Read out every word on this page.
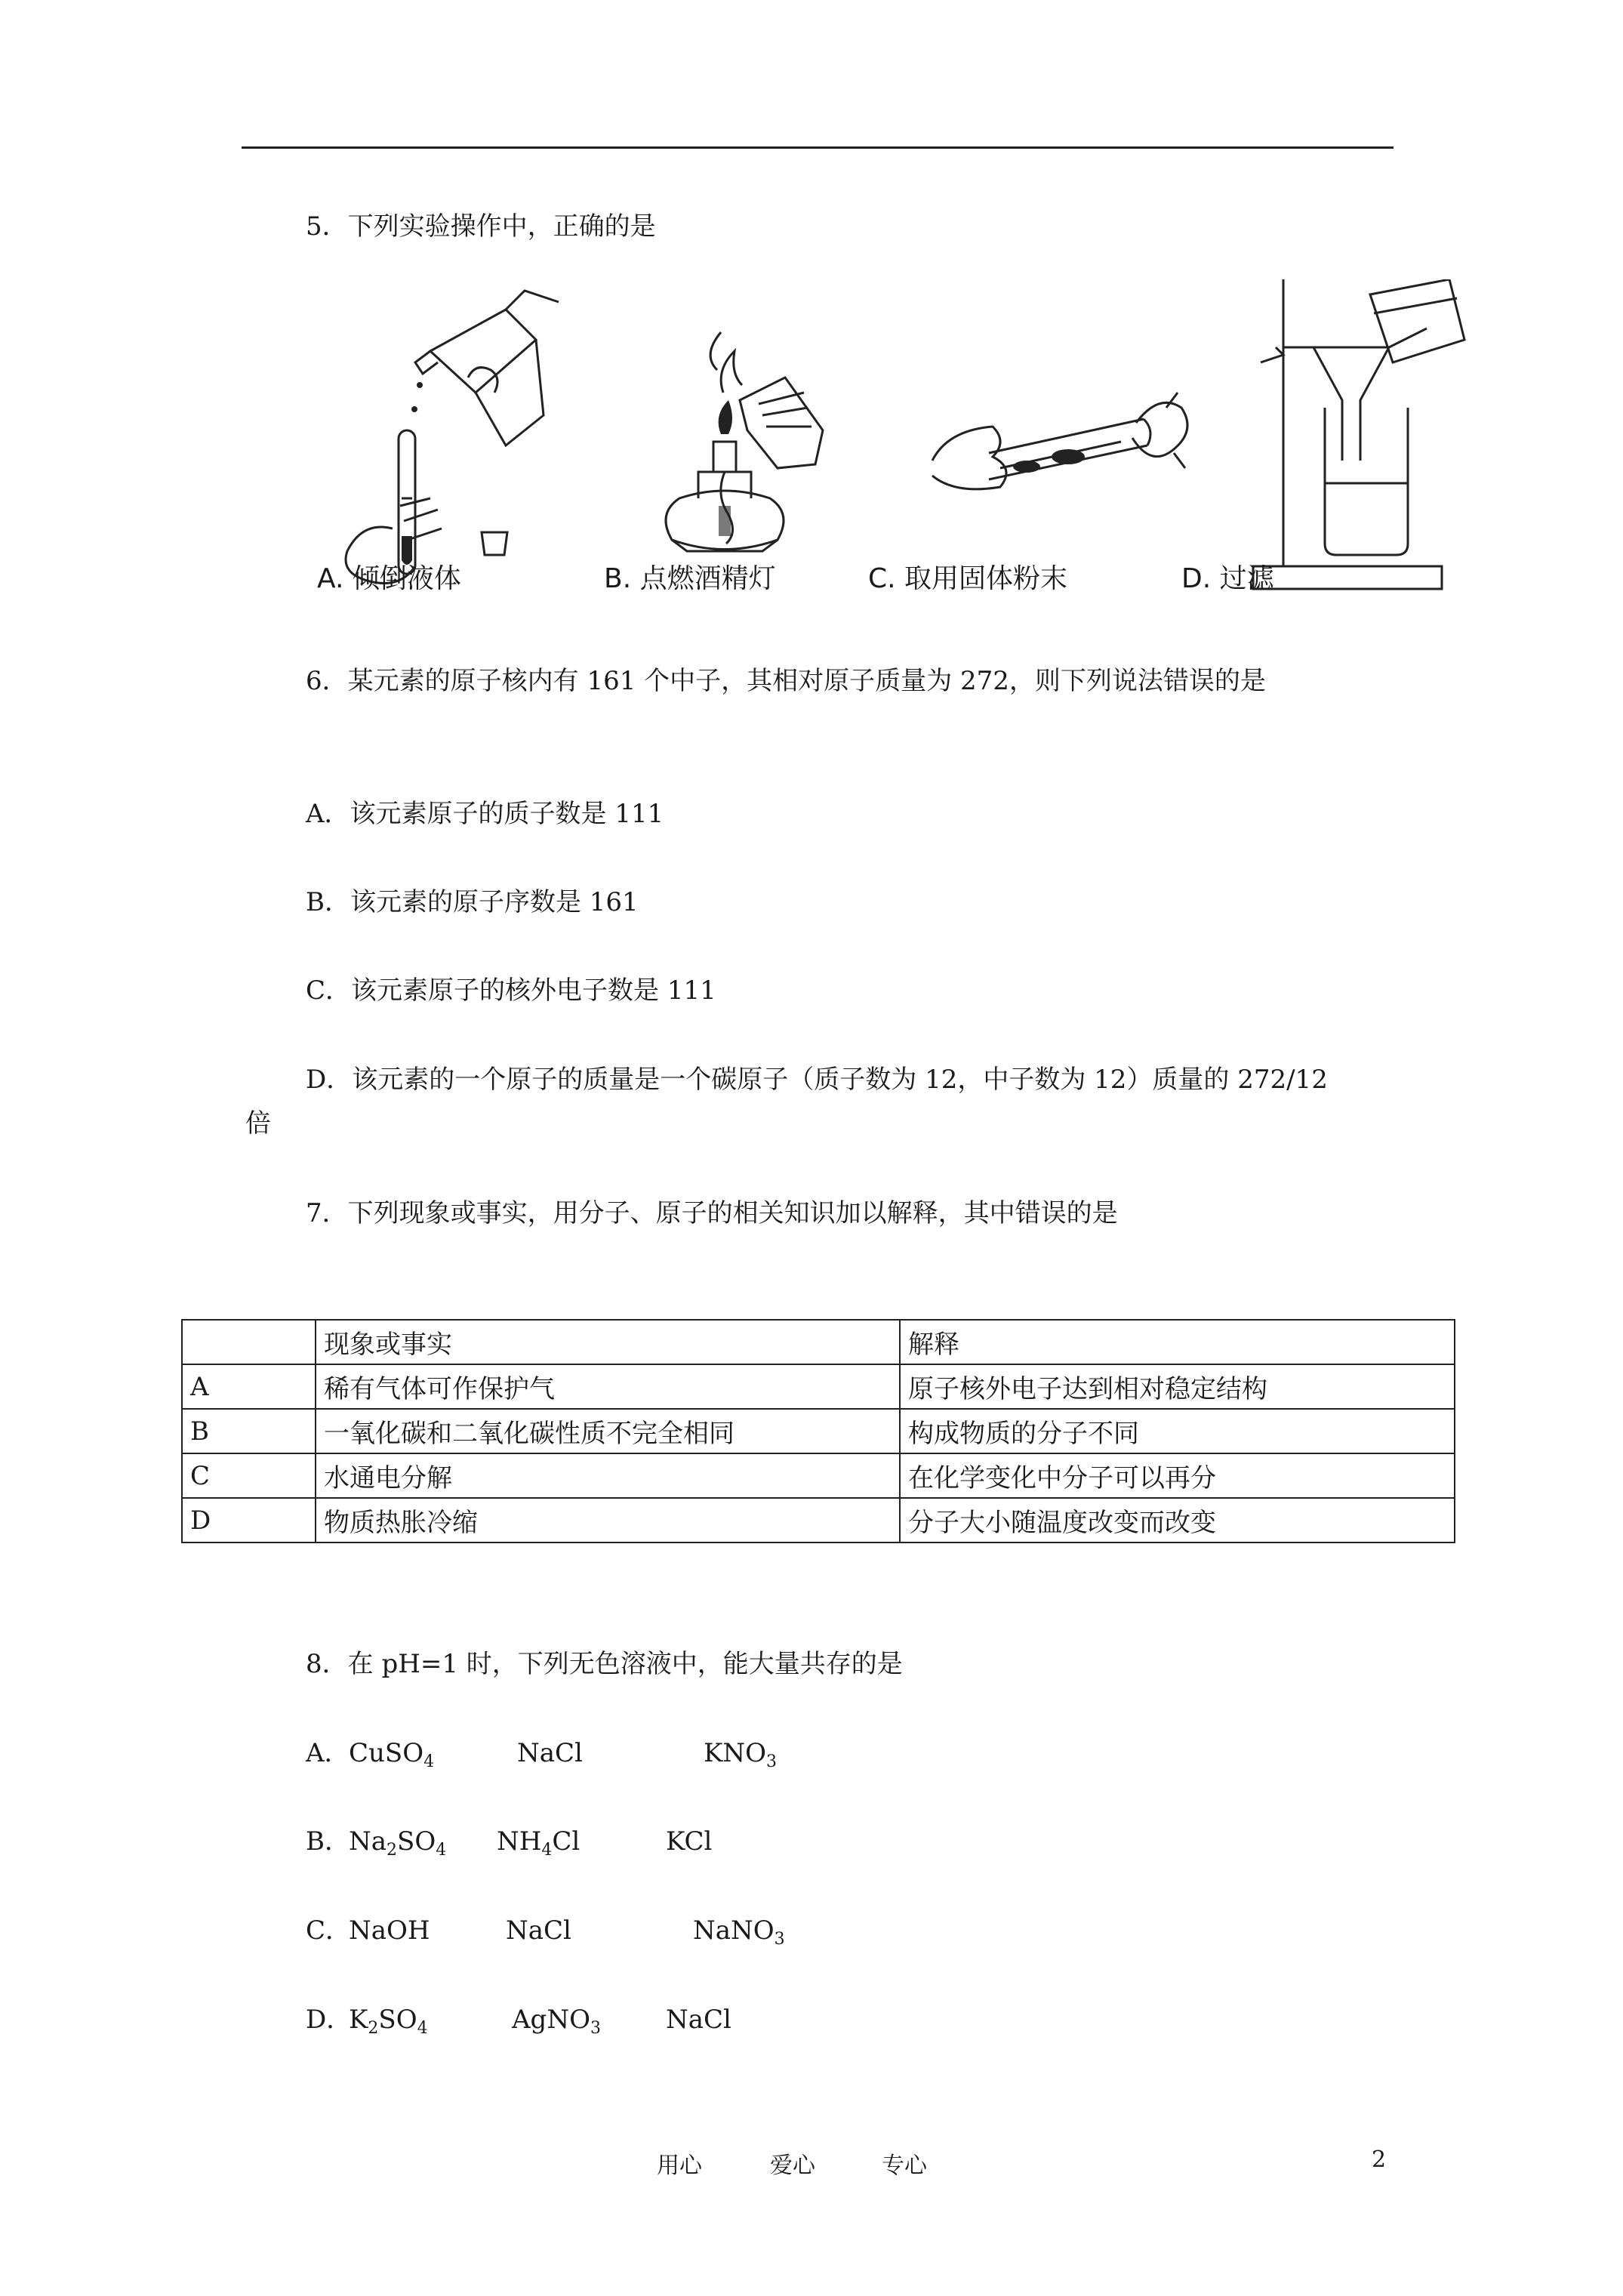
5．下列实验操作中，正确的是
A. 倾倒液体	B. 点燃酒精灯	C. 取用固体粉末	D. 过滤
6．某元素的原子核内有 161 个中子，其相对原子质量为 272，则下列说法错误的是
A．该元素原子的质子数是 111
B．该元素的原子序数是 161
C．该元素原子的核外电子数是 111
D．该元素的一个原子的质量是一个碳原子（质子数为 12，中子数为 12）质量的 272/12
倍
7．下列现象或事实，用分子、原子的相关知识加以解释，其中错误的是
	现象或事实	解释
A	稀有气体可作保护气	原子核外电子达到相对稳定结构
B	一氧化碳和二氧化碳性质不完全相同	构成物质的分子不同
C	水通电分解	在化学变化中分子可以再分
D	物质热胀冷缩	分子大小随温度改变而改变
8．在 pH=1 时，下列无色溶液中，能大量共存的是
A．
CuSO$_4$	NaCl	$KNO_3$
B．
$Na_2SO_4$ $NH_4Cl$	KCl
C．
NaOH	NaCl	NaNO$_3$
D．
$K_2SO_4$	AgNO$_3$	NaCl
用心	爱心	专心	2
